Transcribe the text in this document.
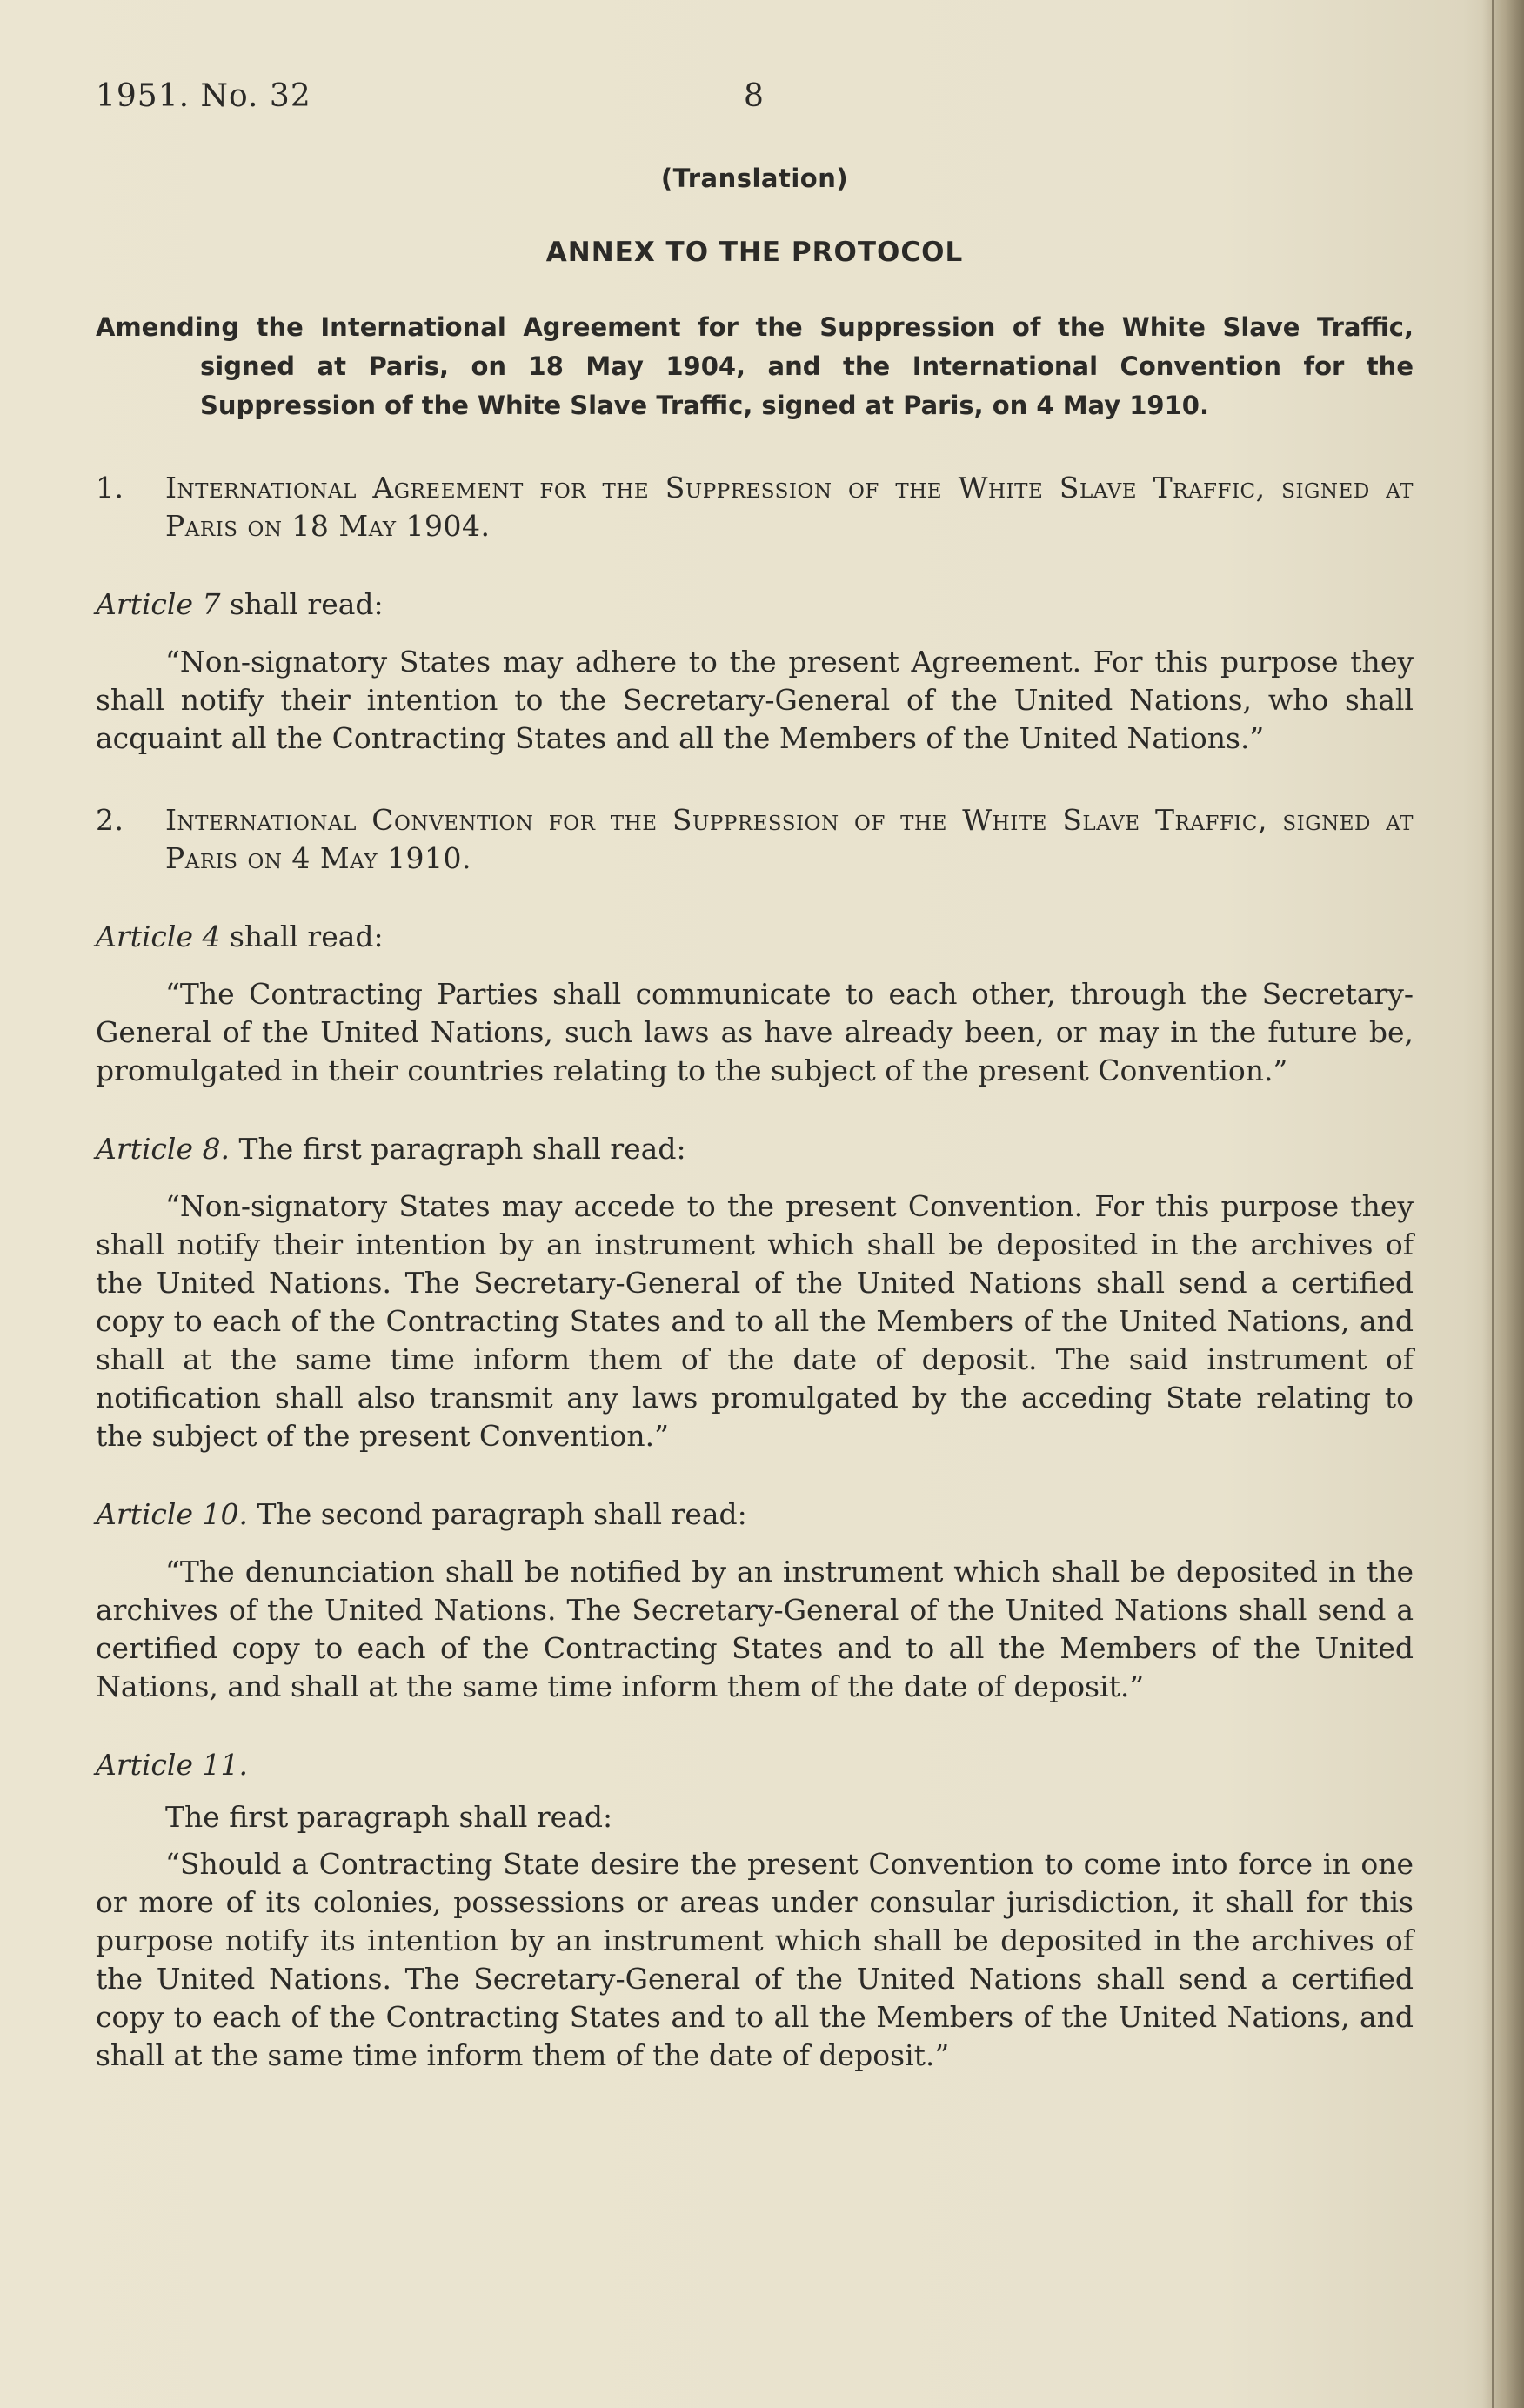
1951. No. 32	8
(Translation)
ANNEX TO THE PROTOCOL
Amending the International Agreement for the Suppression of the White Slave Traffic, signed at Paris, on 18 May 1904, and the International Convention for the Suppression of the White Slave Traffic, signed at Paris, on 4 May 1910.
1. International Agreement for the Suppression of the White Slave Traffic, signed at Paris on 18 May 1904.
Article 7 shall read:
“Non-signatory States may adhere to the present Agreement. For this purpose they shall notify their intention to the Secretary-General of the United Nations, who shall acquaint all the Contracting States and all the Members of the United Nations.”
2. International Convention for the Suppression of the White Slave Traffic, signed at Paris on 4 May 1910.
Article 4 shall read:
“The Contracting Parties shall communicate to each other, through the Secretary-General of the United Nations, such laws as have already been, or may in the future be, promulgated in their countries relating to the subject of the present Convention.”
Article 8. The first paragraph shall read:
“Non-signatory States may accede to the present Convention. For this purpose they shall notify their intention by an instrument which shall be deposited in the archives of the United Nations. The Secretary-General of the United Nations shall send a certified copy to each of the Contracting States and to all the Members of the United Nations, and shall at the same time inform them of the date of deposit. The said instrument of notification shall also transmit any laws promulgated by the acceding State relating to the subject of the present Convention.”
Article 10. The second paragraph shall read:
“The denunciation shall be notified by an instrument which shall be deposited in the archives of the United Nations. The Secretary-General of the United Nations shall send a certified copy to each of the Contracting States and to all the Members of the United Nations, and shall at the same time inform them of the date of deposit.”
Article 11.
The first paragraph shall read:
“Should a Contracting State desire the present Convention to come into force in one or more of its colonies, possessions or areas under consular jurisdiction, it shall for this purpose notify its intention by an instrument which shall be deposited in the archives of the United Nations. The Secretary-General of the United Nations shall send a certified copy to each of the Contracting States and to all the Members of the United Nations, and shall at the same time inform them of the date of deposit.”
